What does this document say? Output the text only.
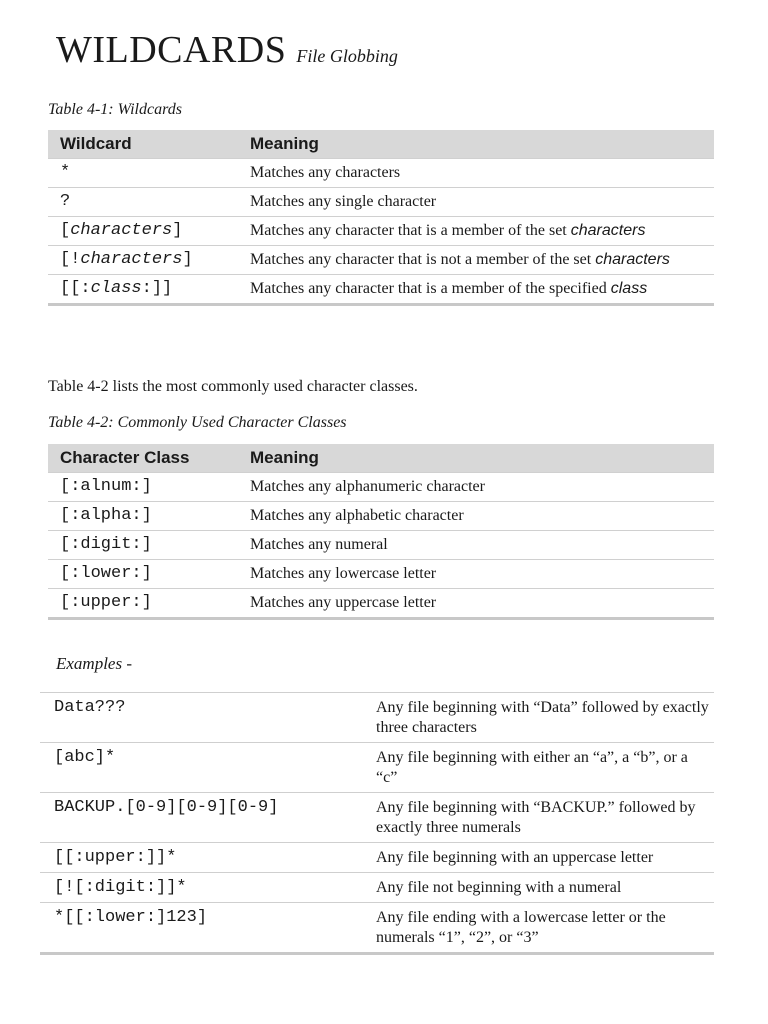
WILDCARDS File Globbing
Table 4-1: Wildcards
Wildcard	Meaning
*	Matches any characters
?	Matches any single character
[characters]	Matches any character that is a member of the set characters
[!characters]	Matches any character that is not a member of the set characters
[[:class:]]	Matches any character that is a member of the specified class
Table 4-2 lists the most commonly used character classes.
Table 4-2: Commonly Used Character Classes
Character Class	Meaning
[:alnum:]	Matches any alphanumeric character
[:alpha:]	Matches any alphabetic character
[:digit:]	Matches any numeral
[:lower:]	Matches any lowercase letter
[:upper:]	Matches any uppercase letter
Examples -
Data???	Any file beginning with “Data” followed by exactly three characters
[abc]*	Any file beginning with either an “a”, a “b”, or a “c”
BACKUP.[0-9][0-9][0-9]	Any file beginning with “BACKUP.” followed by exactly three numerals
[[:upper:]]*	Any file beginning with an uppercase letter
[![:digit:]]*	Any file not beginning with a numeral
*[[:lower:]123]	Any file ending with a lowercase letter or the numerals “1”, “2”, or “3”
